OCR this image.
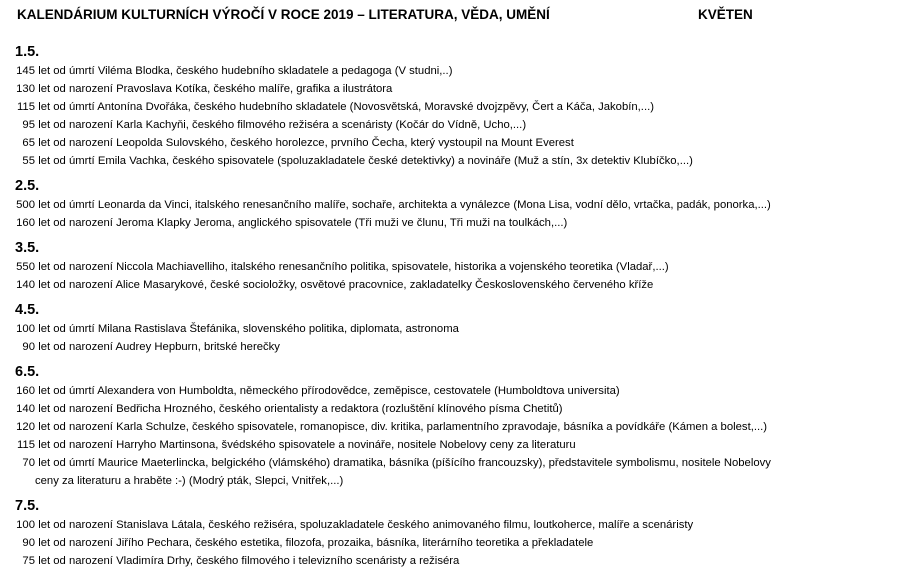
KALENDÁRIUM KULTURNÍCH VÝROČÍ V ROCE 2019 – LITERATURA, VĚDA, UMĚNÍ	KVĚTEN
1.5.
145 let od úmrtí Viléma Blodka, českého hudebního skladatele a pedagoga (V studni,..)
130 let od narození Pravoslava Kotíka, českého malíře, grafika a ilustrátora
115 let od úmrtí Antonína Dvořáka, českého hudebního skladatele (Novosvětská, Moravské dvojzpěvy, Čert a Káča, Jakobín,...)
95 let od narození Karla Kachyňi, českého filmového režiséra a scenáristy (Kočár do Vídně, Ucho,...)
65 let od narození Leopolda Sulovského, českého horolezce, prvního Čecha, který vystoupil na Mount Everest
55 let od úmrtí Emila Vachka, českého spisovatele (spoluzakladatele české detektivky) a novináře (Muž a stín, 3x detektiv Klubíčko,...)
2.5.
500 let od úmrtí Leonarda da Vinci, italského renesančního malíře, sochaře, architekta a vynálezce (Mona Lisa, vodní dělo, vrtačka, padák, ponorka,...)
160 let od narození Jeroma Klapky Jeroma, anglického spisovatele (Tři muži ve člunu, Tři muži na toulkách,...)
3.5.
550 let od narození Niccola Machiavelliho, italského renesančního politika, spisovatele, historika a vojenského teoretika (Vladař,...)
140 let od narození Alice Masarykové, české socioložky, osvětové pracovnice, zakladatelky Československého červeného kříže
4.5.
100 let od úmrtí Milana Rastislava Štefánika, slovenského politika, diplomata, astronoma
90 let od narození Audrey Hepburn, britské herečky
6.5.
160 let od úmrtí Alexandera von Humboldta, německého přírodovědce, zeměpisce, cestovatele (Humboldtova universita)
140 let od narození Bedřicha Hrozného, českého orientalisty a redaktora (rozluštění klínového písma Chetitů)
120 let od narození Karla Schulze, českého spisovatele, romanopisce, div. kritika, parlamentního zpravodaje, básníka a povídkáře (Kámen a bolest,...)
115 let od narození Harryho Martinsona, švédského spisovatele a novináře, nositele Nobelovy ceny za literaturu
70 let od úmrtí Maurice Maeterlincka, belgického (vlámského) dramatika, básníka (píšícího francouzsky), představitele symbolismu, nositele Nobelovy
ceny za literaturu a hraběte :-) (Modrý pták, Slepci, Vnitřek,...)
7.5.
100 let od narození Stanislava Látala, českého režiséra, spoluzakladatele českého animovaného filmu, loutkoherce, malíře a scenáristy
90 let od narození Jiřího Pechara, českého estetika, filozofa, prozaika, básníka, literárního teoretika a překladatele
75 let od narození Vladimíra Drhy, českého filmového i televizního scenáristy a režiséra
